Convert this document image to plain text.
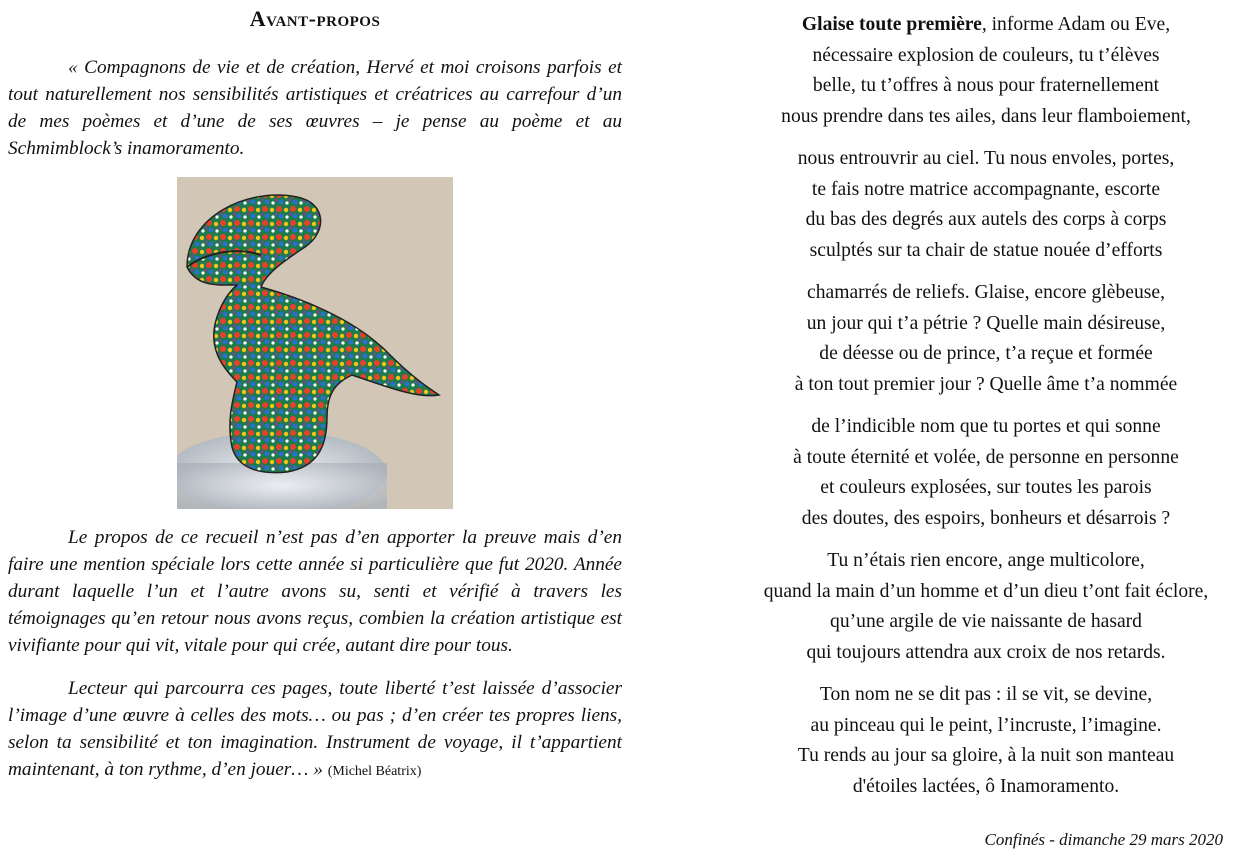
Avant-propos

« Compagnons de vie et de création, Hervé et moi croisons parfois et tout naturellement nos sensibilités artistiques et créatrices au carrefour d’un de mes poèmes et d’une de ses œuvres – je pense au poème et au Schmimblock’s inamoramento.

Le propos de ce recueil n’est pas d’en apporter la preuve mais d’en faire une mention spéciale lors cette année si particulière que fut 2020. Année durant laquelle l’un et l’autre avons su, senti et vérifié à travers les témoignages qu’en retour nous avons reçus, combien la création artistique est vivifiante pour qui vit, vitale pour qui crée, autant dire pour tous.

Lecteur qui parcourra ces pages, toute liberté t’est laissée d’associer l’image d’une œuvre à celles des mots… ou pas ; d’en créer tes propres liens, selon ta sensibilité et ton imagination. Instrument de voyage, il t’appartient maintenant, à ton rythme, d’en jouer… » (Michel Béatrix)

Glaise toute première, informe Adam ou Eve,
nécessaire explosion de couleurs, tu t’élèves
belle, tu t’offres à nous pour fraternellement
nous prendre dans tes ailes, dans leur flamboiement,
nous entrouvrir au ciel. Tu nous envoles, portes,
te fais notre matrice accompagnante, escorte
du bas des degrés aux autels des corps à corps
sculptés sur ta chair de statue nouée d’efforts
chamarrés de reliefs. Glaise, encore glèbeuse,
un jour qui t’a pétrie ? Quelle main désireuse,
de déesse ou de prince, t’a reçue et formée
à ton tout premier jour ? Quelle âme t’a nommée
de l’indicible nom que tu portes et qui sonne
à toute éternité et volée, de personne en personne
et couleurs explosées, sur toutes les parois
des doutes, des espoirs, bonheurs et désarrois ?
Tu n’étais rien encore, ange multicolore,
quand la main d’un homme et d’un dieu t’ont fait éclore,
qu’une argile de vie naissante de hasard
qui toujours attendra aux croix de nos retards.
Ton nom ne se dit pas : il se vit, se devine,
au pinceau qui le peint, l’incruste, l’imagine.
Tu rends au jour sa gloire, à la nuit son manteau
d'étoiles lactées, ô Inamoramento.
Confinés - dimanche 29 mars 2020
